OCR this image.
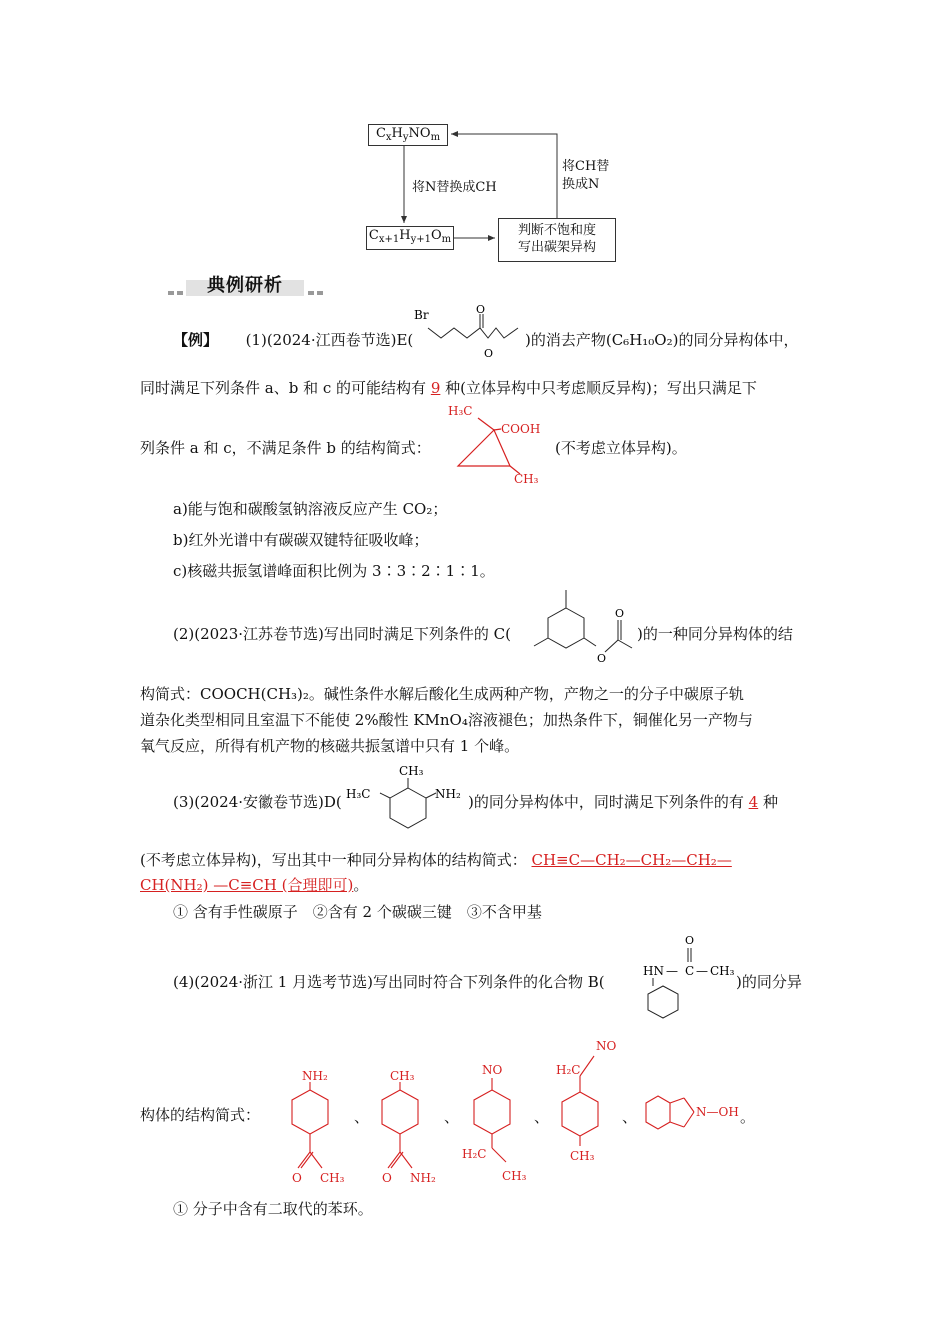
$C_xH_yNO_m$
$C_{x+1}H_{y+1}O_m$
判断不饱和度
写出碳架异构
将N替换成CH
将CH替
换成N
典例研析
【例】 (1)(2024·江西卷节选)E(
Br	O
O
)的消去产物(C₆H₁₀O₂)的同分异构体中，
同时满足下列条件 a、b 和 c 的可能结构有 9 种(立体异构中只考虑顺反异构)；写出只满足下
列条件 a 和 c，不满足条件 b 的结构简式：
H₃C
COOH
CH₃
(不考虑立体异构)。
a)能与饱和碳酸氢钠溶液反应产生 CO₂；
b)红外光谱中有碳碳双键特征吸收峰；
c)核磁共振氢谱峰面积比例为 3∶3∶2∶1∶1。
(2)(2023·江苏卷节选)写出同时满足下列条件的 C(
O
O
)的一种同分异构体的结
构简式：COOCH(CH₃)₂。碱性条件水解后酸化生成两种产物，产物之一的分子中碳原子轨
道杂化类型相同且室温下不能使 2%酸性 KMnO₄溶液褪色；加热条件下，铜催化另一产物与
氧气反应，所得有机产物的核磁共振氢谱中只有 1 个峰。
(3)(2024·安徽卷节选)D( H₃C
CH₃
NH₂ )的同分异构体中，同时满足下列条件的有 4 种
(不考虑立体异构)，写出其中一种同分异构体的结构简式： CH≡C—CH₂—CH₂—CH₂—
CH(NH₂) —C≡CH (合理即可)。
① 含有手性碳原子　②含有 2 个碳碳三键　③不含甲基
(4)(2024·浙江 1 月选考节选)写出同时符合下列条件的化合物 B(
O
HN — C — CH₃
)的同分异
构体的结构简式：
NH₂
O CH₃
CH₃
O NH₂
NO
H₂C
CH₃
NO
H₂C
CH₃
N—OH
、	、	、	、	。
① 分子中含有二取代的苯环。
